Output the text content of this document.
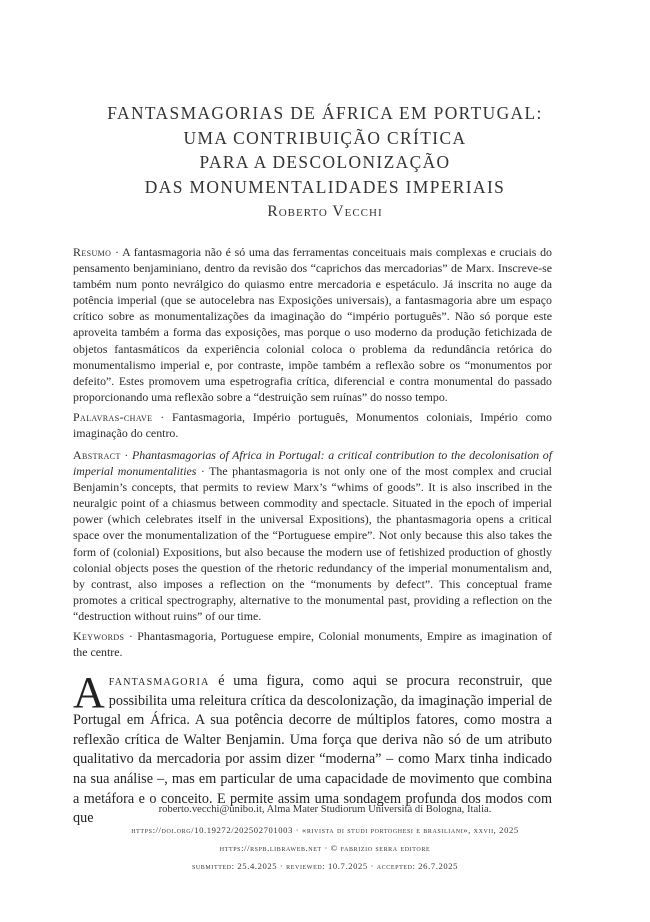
FANTASMAGORIAS DE ÁFRICA EM PORTUGAL:
UMA CONTRIBUIÇÃO CRÍTICA
PARA A DESCOLONIZAÇÃO
DAS MONUMENTALIDADES IMPERIAIS
Roberto Vecchi
Resumo · A fantasmagoria não é só uma das ferramentas conceituais mais complexas e cruciais do pensamento benjaminiano, dentro da revisão dos “caprichos das mercadorias” de Marx. Inscreve-se também num ponto nevrálgico do quiasmo entre mercadoria e espetáculo. Já inscrita no auge da potência imperial (que se autocelebra nas Exposições universais), a fantasmagoria abre um espaço crítico sobre as monumentalizações da imaginação do “império português”. Não só porque este aproveita também a forma das exposições, mas porque o uso moderno da produção fetichizada de objetos fantasmáticos da experiência colonial coloca o problema da redundância retórica do monumentalismo imperial e, por contraste, impõe também a reflexão sobre os “monumentos por defeito”. Estes promovem uma espetrografia crítica, diferencial e contra monumental do passado proporcionando uma reflexão sobre a “destruição sem ruínas” do nosso tempo.
Palavras-chave · Fantasmagoria, Império português, Monumentos coloniais, Império como imaginação do centro.
Abstract · Phantasmagorias of Africa in Portugal: a critical contribution to the decolonisation of imperial monumentalities · The phantasmagoria is not only one of the most complex and crucial Benjamin’s concepts, that permits to review Marx’s “whims of goods”. It is also inscribed in the neuralgic point of a chiasmus between commodity and spectacle. Situated in the epoch of imperial power (which celebrates itself in the universal Expositions), the phantasmagoria opens a critical space over the monumentalization of the “Portuguese empire”. Not only because this also takes the form of (colonial) Expositions, but also because the modern use of fetishized production of ghostly colonial objects poses the question of the rhetoric redundancy of the imperial monumentalism and, by contrast, also imposes a reflection on the “monuments by defect”. This conceptual frame promotes a critical spectrography, alternative to the monumental past, providing a reflection on the “destruction without ruins” of our time.
Keywords · Phantasmagoria, Portuguese empire, Colonial monuments, Empire as imagination of the centre.
Afantasmagoria é uma figura, como aqui se procura reconstruir, que possibilita uma releitura crítica da descolonização, da imaginação imperial de Portugal em África. A sua potência decorre de múltiplos fatores, como mostra a reflexão crítica de Walter Benjamin. Uma força que deriva não só de um atributo qualitativo da mercadoria por assim dizer “moderna” – como Marx tinha indicado na sua análise –, mas em particular de uma capacidade de movimento que combina a metáfora e o conceito. E permite assim uma sondagem profunda dos modos com que
roberto.vecchi@unibo.it, Alma Mater Studiorum Università di Bologna, Italia.
https://doi.org/10.19272/202502701003 · «rivista di studi portoghesi e brasiliani», xxvii, 2025
https://rspb.libraweb.net · © fabrizio serra editore
submitted: 25.4.2025 · reviewed: 10.7.2025 · accepted: 26.7.2025
